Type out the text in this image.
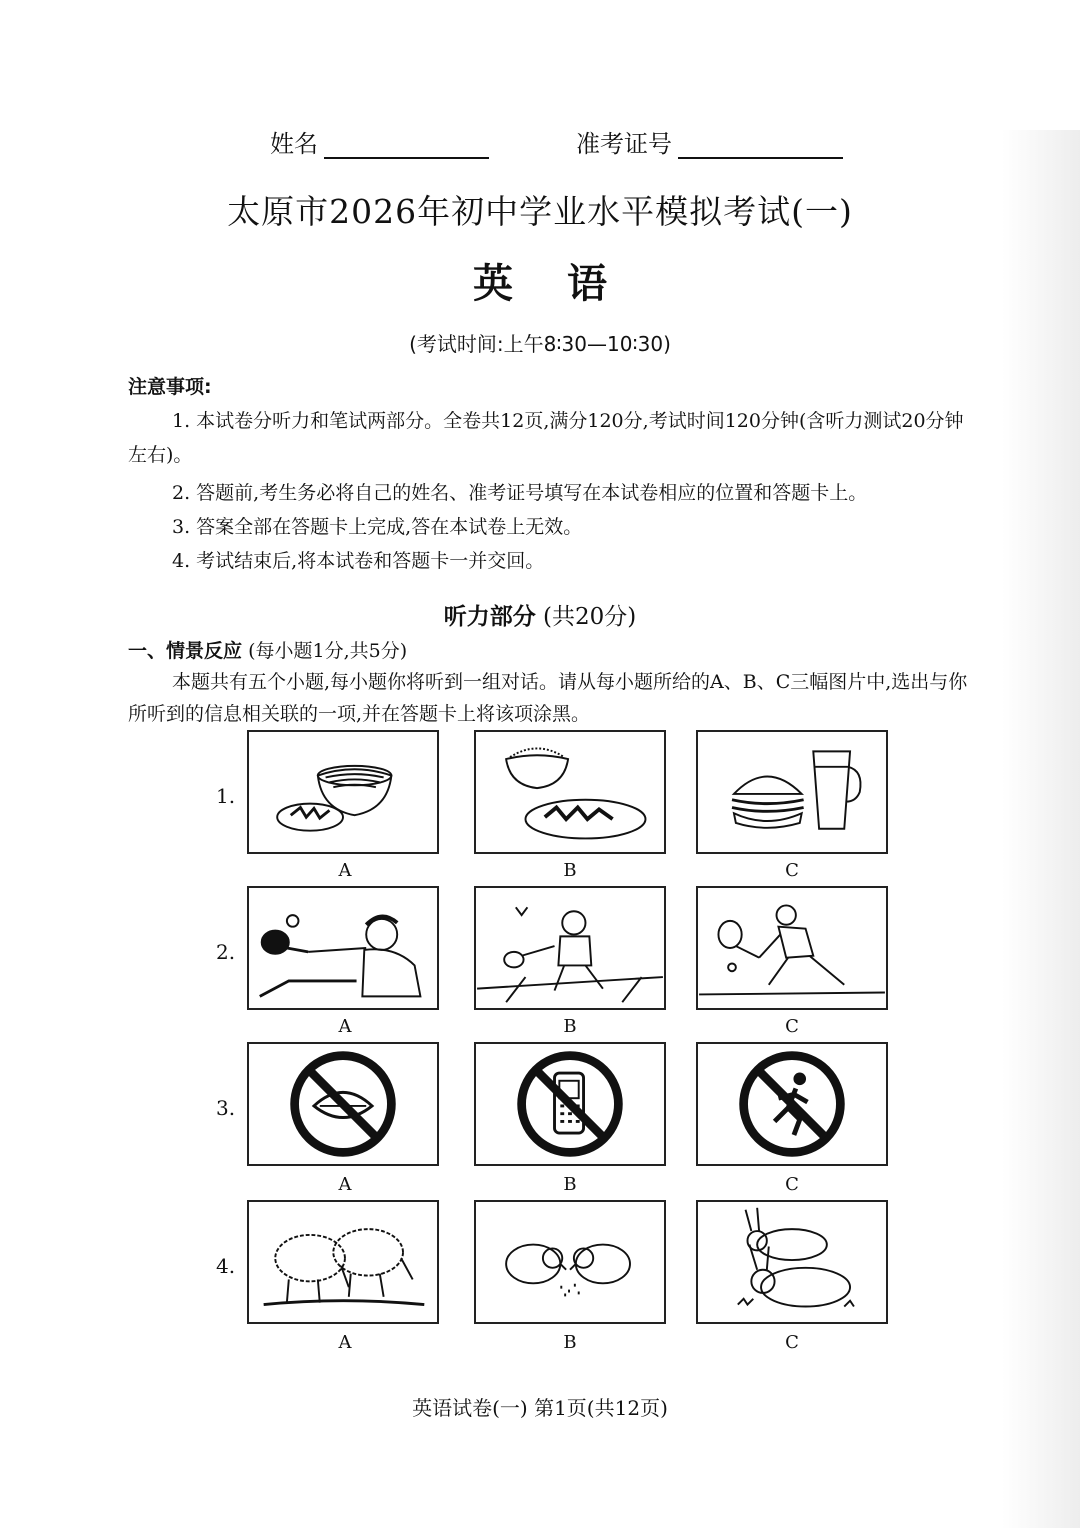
姓名	准考证号
太原市2026年初中学业水平模拟考试(一)
英语
(考试时间:上午8∶30—10∶30)
注意事项:
1. 本试卷分听力和笔试两部分。全卷共12页,满分120分,考试时间120分钟(含听力测试20分钟左右)。
2. 答题前,考生务必将自己的姓名、准考证号填写在本试卷相应的位置和答题卡上。
3. 答案全部在答题卡上完成,答在本试卷上无效。
4. 考试结束后,将本试卷和答题卡一并交回。
听力部分 (共20分)
一、情景反应 (每小题1分,共5分)
本题共有五个小题,每小题你将听到一组对话。请从每小题所给的A、B、C三幅图片中,选出与你所听到的信息相关联的一项,并在答题卡上将该项涂黑。
1.
A	B	C
2.
A	B	C
3.
A	B	C
4.
A	B	C
英语试卷(一) 第1页(共12页)
